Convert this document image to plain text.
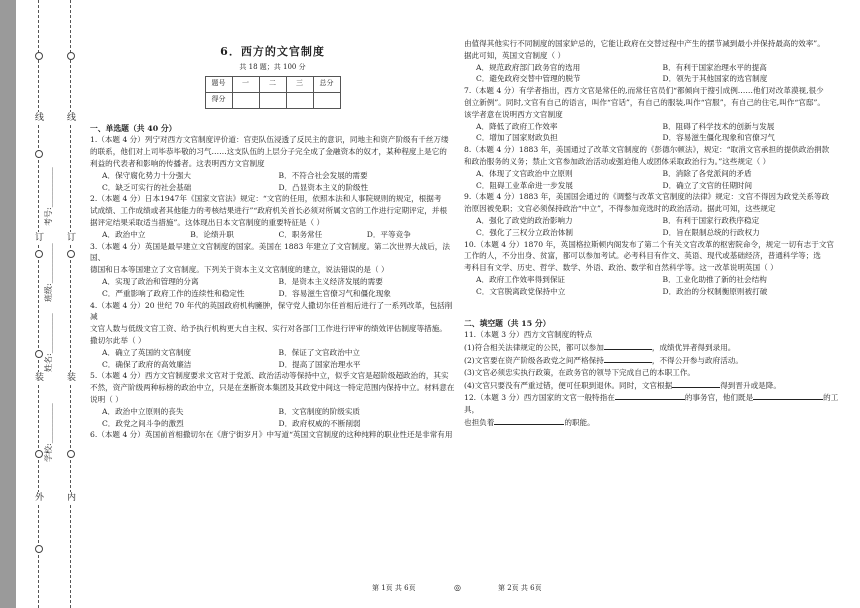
线
订
装
外
线
订
装
内
学校:__________
姓名:__________
班级:__________
考号:__________
6．西方的文官制度
共 18 题；共 100 分
题号	一	二	三	总分
得分				

一、单选题（共 40 分）

1.（本题 4 分）列宁对西方文官制度评价道：官吏队伍浸透了反民主的意识，同地主和资产阶级有千丝万缕

的联系，他们对上司毕恭毕敬的习气……这支队伍的上层分子完全成了金融资本的奴才，某种程度上是它的

利益的代表者和影响的传播者。这表明西方文官制度

A．保守腐化势力十分强大	B．不符合社会发展的需要
C．缺乏可实行的社会基础	D．凸显资本主义的阶级性

2.（本题 4 分）日本1947年《国家文官法》规定：“文官的任用，依照本法和人事院规则的规定，根据考

试成绩、工作成绩或者其他能力的考核结果进行”“政府机关首长必须对所属文官的工作进行定期评定，并根

据评定结果采取适当措施”。这体现出日本文官制度的重要特征是（ ）

A．政治中立	B．论绩升职	C．职务常任	D．平等竞争

3.（本题 4 分）英国是最早建立文官制度的国家。美国在 1883 年建立了文官制度。第二次世界大战后，法国、

德国和日本等国建立了文官制度。下列关于资本主义文官制度的建立，说法错误的是（ ）

A．实现了政治和管理的分离	B．是资本主义经济发展的需要
C．严重影响了政府工作的连续性和稳定性	D．容易滋生官僚习气和僵化现象

4.（本题 4 分）20 世纪 70 年代的英国政府机构臃肿，保守党人撒切尔任首相后进行了一系列改革，包括削减

文官人数与低级文官工资、给予执行机构更大自主权、实行对各部门工作进行评审的绩效评估制度等措施。

撒切尔此举（ ）

A．确立了英国的文官制度	B．保证了文官政治中立
C．确保了政府的高效廉洁	D．提高了国家治理水平

5.（本题 4 分）西方文官制度要求文官对于党派、政治活动等保持中立，似乎文官是超阶级超政治的，其实

不然，资产阶级两种标榜的政治中立，只是在垄断资本集团及其政党中间这一特定范围内保持中立。材料意在

说明（ ）

A．政治中立原则的丧失	B．文官制度的阶级实质
C．政党之间斗争的激烈	D．政府权威的不断削弱

6.（本题 4 分）英国前首相撒切尔在《唐宁街岁月》中写道“英国文官制度的这种纯粹的职业性还是非常有用

由值得其他实行不同制度的国家妒忌的，它能让政府在交替过程中产生的摆节减到最小并保持最高的效率”。

据此可知，英国文官制度（ ）

A．规范政府部门政务官的选用	B．有利于国家治理水平的提高
C．避免政府交替中管理的脱节	D．领先于其他国家的选官制度

7.（本题 4 分）有学者指出，西方文官是常任的,而常任官员们“都倾向于搜引成例……他们对改革漠视,很少

创立新例”。同时,文官有自己的语言，叫作“官话”，有自己的服装,叫作“官服”，有自己的住宅,叫作“官邸”。

该学者意在说明西方文官制度

A．降低了政府工作效率	B．阻碍了科学技术的创新与发展
C．增加了国家财政负担	D．容易滋生僵化现象和官僚习气

8.（本题 4 分）1883 年，美国通过了改革文官制度的《彭德尔顿法》，规定：“取消文官承担的提供政治捐款

和政治服务的义务；禁止文官参加政治活动或强迫他人或团体采取政治行为。”这些规定（ ）

A．体现了文官政治中立原则	B．消除了各党派间的矛盾
C．阻碍工业革命进一步发展	D．确立了文官的任期时间

9.（本题 4 分）1883 年，美国国会通过的《调整与改革文官制度的法律》规定：文官不得因为政党关系等政

治原因被免职；文官必须保持政治“中立”，不得参加竞选时的政治活动。据此可知，这些规定

A．强化了政党的政治影响力	B．有利于国家行政秩序稳定
C．强化了三权分立政治体制	D．旨在限制总统的行政权力

10.（本题 4 分）1870 年，英国格拉斯顿内阁发布了第二个有关文官改革的枢密院命令，规定一切有志于文官

工作的人，不分出身、贫富，都可以参加考试。必考科目有作文、英语、现代或基础经济，普通科学等；选

考科目有文学、历史、哲学、数学、外语、政治、数学和自然科学等。这一改革说明英国（ ）

A．政府工作效率得到保证	B．工业化助推了新的社会结构
C．文官脱离政党保持中立	D．政治的分权制衡原则被打破

二、填空题（共 15 分）

11.（本题 3 分）西方文官制度的特点

(1)符合相关法律规定的公民，都可以参加	，成绩优异者得到录用。

(2)文官要在资产阶级各政党之间严格保持	，不得公开参与政府活动。

(3)文官必须忠实执行政策，在政务官的领导下完成自己的本职工作。

(4)文官只要没有严重过错，便可任职到退休。同时，文官根据	得到晋升或是降。

12.（本题 3 分）西方国家的文官一般特指在	的事务官，他们既是	的工具，

也担负着	的职能。

第 1页 共 6页	◎	第 2页 共 6页
